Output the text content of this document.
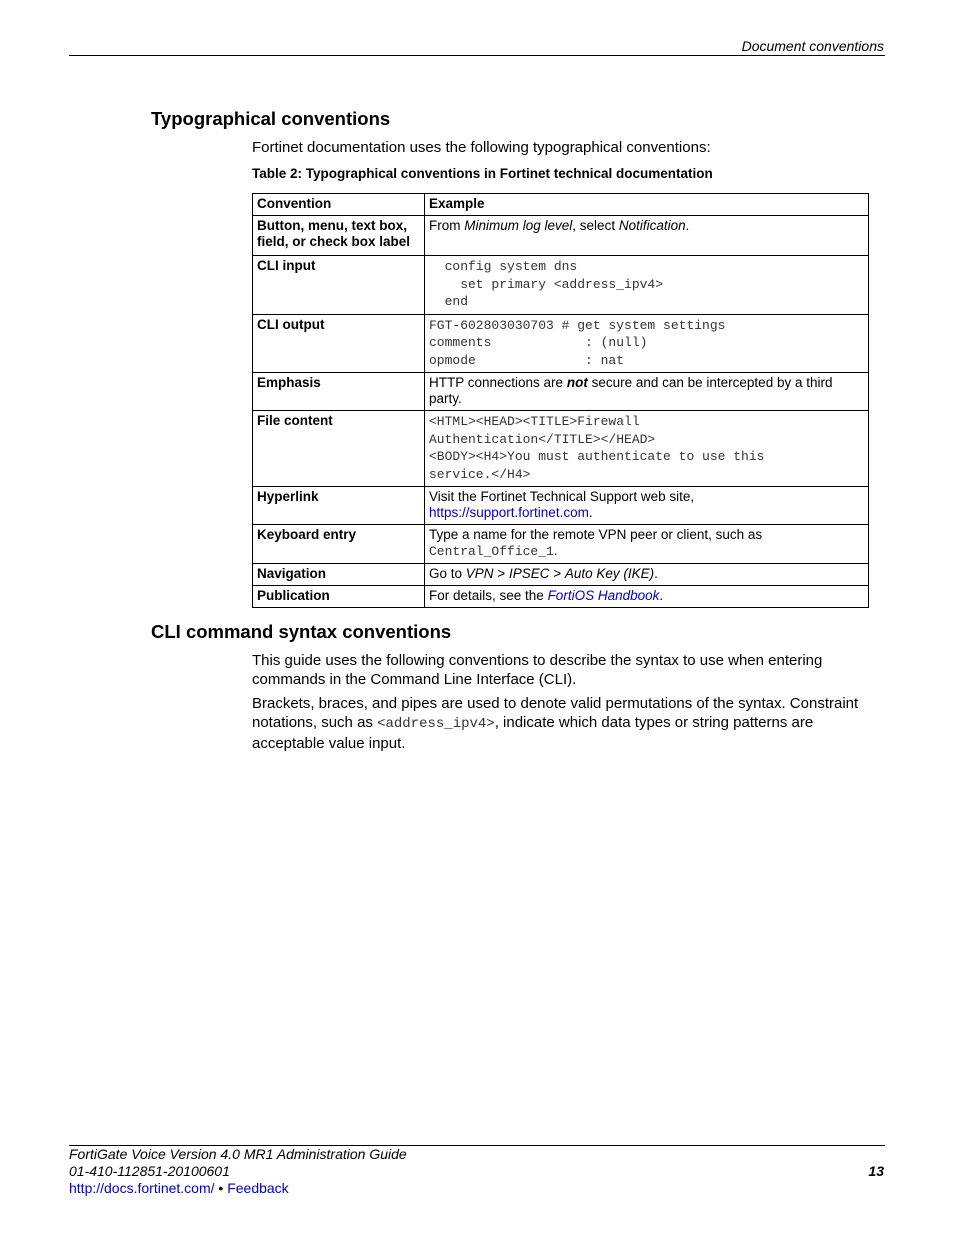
Document conventions
Typographical conventions

Fortinet documentation uses the following typographical conventions:

Table 2: Typographical conventions in Fortinet technical documentation
Convention	Example
Button, menu, text box, field, or check box label	From Minimum log level, select Notification.
CLI input	config system dns
set primary <address_ipv4>
end

CLI output	FGT-602803030703 # get system settings
comments            : (null)
opmode              : nat

Emphasis	HTTP connections are not secure and can be intercepted by a third party.
File content	<HTML><HEAD><TITLE>Firewall
Authentication</TITLE></HEAD>
<BODY><H4>You must authenticate to use this
service.</H4>

Hyperlink	Visit the Fortinet Technical Support web site,
https://support.fortinet.com.
Keyboard entry	Type a name for the remote VPN peer or client, such as
Central_Office_1.
Navigation	Go to VPN > IPSEC > Auto Key (IKE).
Publication	For details, see the FortiOS Handbook.
CLI command syntax conventions

This guide uses the following conventions to describe the syntax to use when entering commands in the Command Line Interface (CLI).

Brackets, braces, and pipes are used to denote valid permutations of the syntax. Constraint notations, such as <address_ipv4>, indicate which data types or string patterns are acceptable value input.

FortiGate Voice Version 4.0 MR1 Administration Guide
01-410-112851-20100601
http://docs.fortinet.com/ • Feedback
13
